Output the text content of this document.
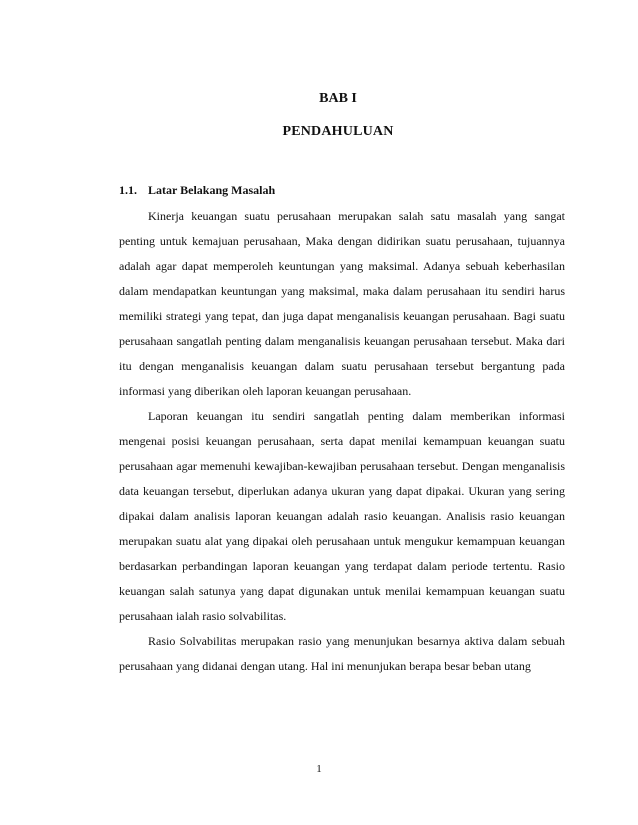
BAB I
PENDAHULUAN
1.1. Latar Belakang Masalah

Kinerja keuangan suatu perusahaan merupakan salah satu masalah yang sangat penting untuk kemajuan perusahaan, Maka dengan didirikan suatu perusahaan, tujuannya adalah agar dapat memperoleh keuntungan yang maksimal. Adanya sebuah keberhasilan dalam mendapatkan keuntungan yang maksimal, maka dalam perusahaan itu sendiri harus memiliki strategi yang tepat, dan juga dapat menganalisis keuangan perusahaan. Bagi suatu perusahaan sangatlah penting dalam menganalisis keuangan perusahaan tersebut. Maka dari itu dengan menganalisis keuangan dalam suatu perusahaan tersebut bergantung pada informasi yang diberikan oleh laporan keuangan perusahaan.

Laporan keuangan itu sendiri sangatlah penting dalam memberikan informasi mengenai posisi keuangan perusahaan, serta dapat menilai kemampuan keuangan suatu perusahaan agar memenuhi kewajiban-kewajiban perusahaan tersebut. Dengan menganalisis data keuangan tersebut, diperlukan adanya ukuran yang dapat dipakai. Ukuran yang sering dipakai dalam analisis laporan keuangan adalah rasio keuangan. Analisis rasio keuangan merupakan suatu alat yang dipakai oleh perusahaan untuk mengukur kemampuan keuangan berdasarkan perbandingan laporan keuangan yang terdapat dalam periode tertentu. Rasio keuangan salah satunya yang dapat digunakan untuk menilai kemampuan keuangan suatu perusahaan ialah rasio solvabilitas.

Rasio Solvabilitas merupakan rasio yang menunjukan besarnya aktiva dalam sebuah perusahaan yang didanai dengan utang. Hal ini menunjukan berapa besar beban utang

1
